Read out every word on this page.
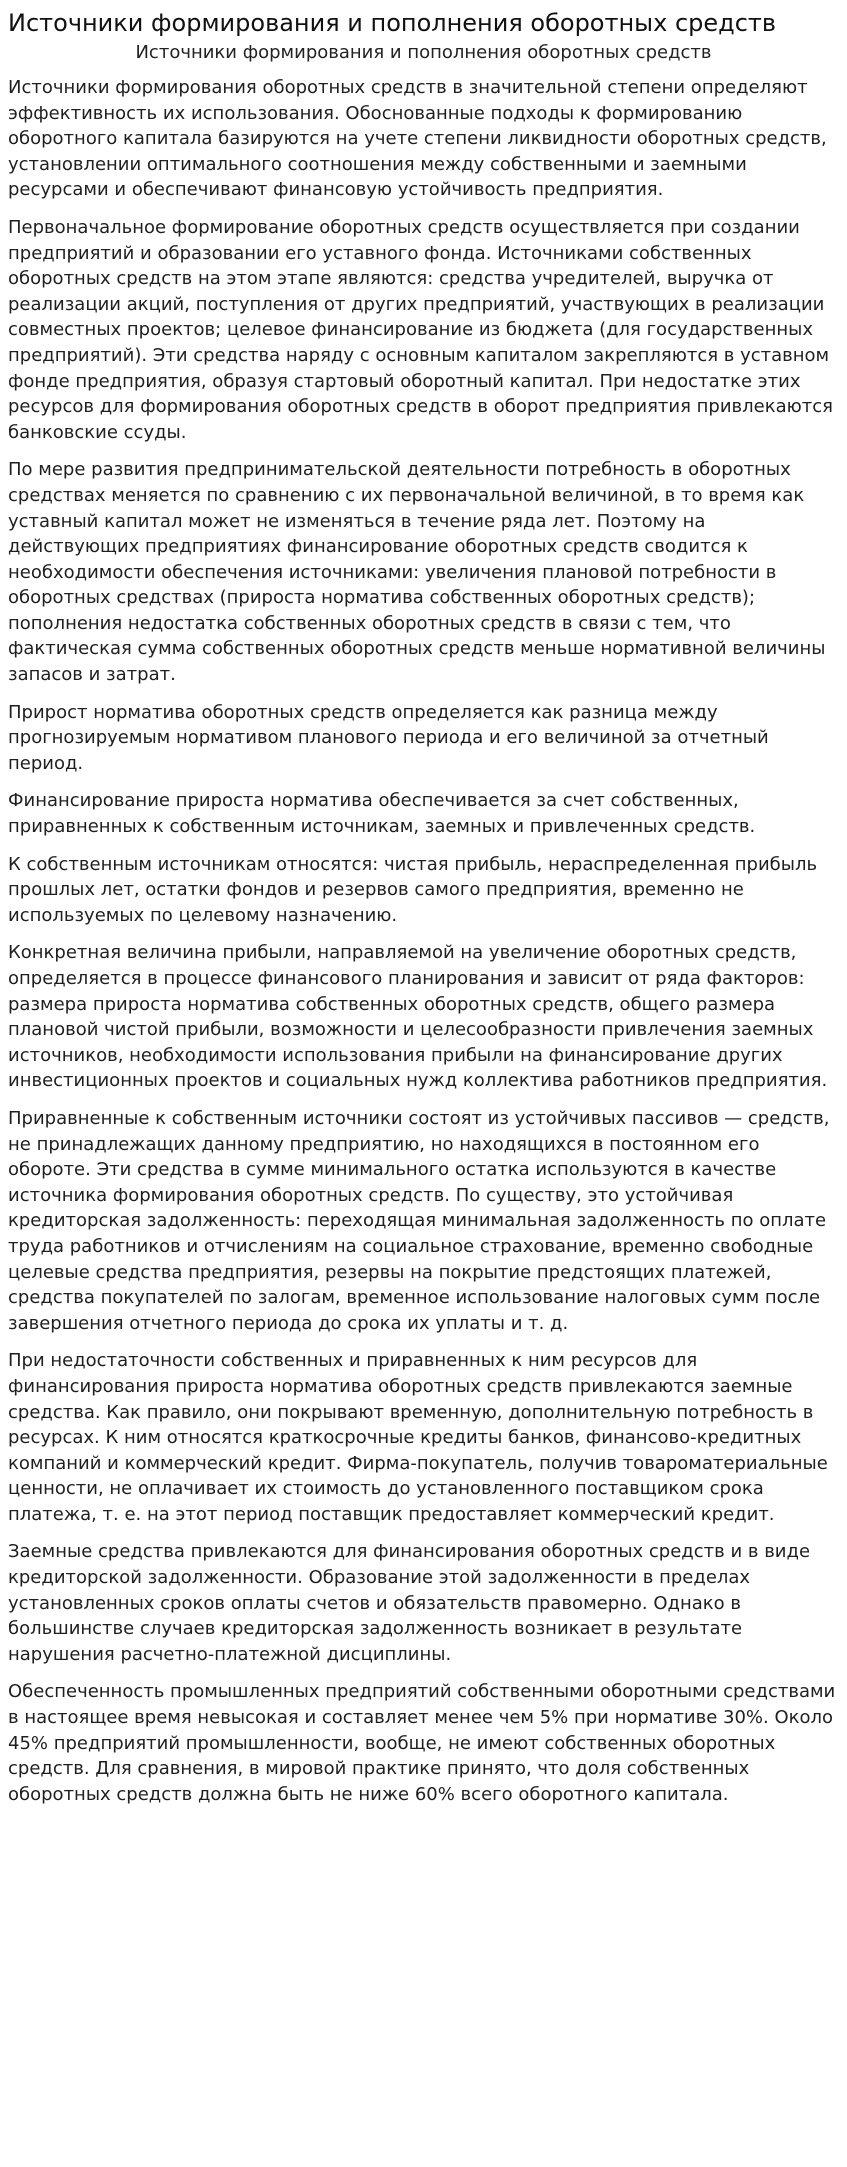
Источники формирования и пополнения оборотных средств
Источники формирования и пополнения оборотных средств

Источники формирования оборотных средств в значительной степени определяют эффективность их использования. Обоснованные подходы к формированию оборотного капитала базируются на учете степени ликвидности оборотных средств, установлении оптимального соотношения между собственными и заемными ресурсами и обеспечивают финансовую устойчивость предприятия.

Первоначальное формирование оборотных средств осуществляется при создании предприятий и образовании его уставного фонда. Источниками собственных оборотных средств на этом этапе являются: средства учредителей, выручка от реализации акций, поступления от других предприятий, участвующих в реализации совместных проектов; целевое финансирование из бюджета (для государственных предприятий). Эти средства наряду с основным капиталом закрепляются в уставном фонде предприятия, образуя стартовый оборотный капитал. При недостатке этих ресурсов для формирования оборотных средств в оборот предприятия привлекаются банковские ссуды.

По мере развития предпринимательской деятельности потребность в оборотных средствах меняется по сравнению с их первоначальной величиной, в то время как уставный капитал может не изменяться в течение ряда лет. Поэтому на действующих предприятиях финансирование оборотных средств сводится к необходимости обеспечения источниками: увеличения плановой потребности в оборотных средствах (прироста норматива собственных оборотных средств); пополнения недостатка собственных оборотных средств в связи с тем, что фактическая сумма собственных оборотных средств меньше нормативной величины запасов и затрат.

Прирост норматива оборотных средств определяется как разница между прогнозируемым нормативом планового периода и его величиной за отчетный период.

Финансирование прироста норматива обеспечивается за счет собственных, приравненных к собственным источникам, заемных и привлеченных средств.

К собственным источникам относятся: чистая прибыль, нераспределенная прибыль прошлых лет, остатки фондов и резервов самого предприятия, временно не используемых по целевому назначению.

Конкретная величина прибыли, направляемой на увеличение оборотных средств, определяется в процессе финансового планирования и зависит от ряда факторов: размера прироста норматива собственных оборотных средств, общего размера плановой чистой прибыли, возможности и целесообразности привлечения заемных источников, необходимости использования прибыли на финансирование других инвестиционных проектов и социальных нужд коллектива работников предприятия.

Приравненные к собственным источники состоят из устойчивых пассивов — средств, не принадлежащих данному предприятию, но находящихся в постоянном его обороте. Эти средства в сумме минимального остатка используются в качестве источника формирования оборотных средств. По существу, это устойчивая кредиторская задолженность: переходящая минимальная задолженность по оплате труда работников и отчислениям на социальное страхование, временно свободные целевые средства предприятия, резервы на покрытие предстоящих платежей, средства покупателей по залогам, временное использование налоговых сумм после завершения отчетного периода до срока их уплаты и т. д.

При недостаточности собственных и приравненных к ним ресурсов для финансирования прироста норматива оборотных средств привлекаются заемные средства. Как правило, они покрывают временную, дополнительную потребность в ресурсах. К ним относятся краткосрочные кредиты банков, финансово-кредитных компаний и коммерческий кредит. Фирма-покупатель, получив товароматериальные ценности, не оплачивает их стоимость до установленного поставщиком срока платежа, т. е. на этот период поставщик предоставляет коммерческий кредит.

Заемные средства привлекаются для финансирования оборотных средств и в виде кредиторской задолженности. Образование этой задолженности в пределах установленных сроков оплаты счетов и обязательств правомерно. Однако в большинстве случаев кредиторская задолженность возникает в результате нарушения расчетно-платежной дисциплины.

Обеспеченность промышленных предприятий собственными оборотными средствами в настоящее время невысокая и составляет менее чем 5% при нормативе 30%. Около 45% предприятий промышленности, вообще, не имеют собственных оборотных средств. Для сравнения, в мировой практике принято, что доля собственных оборотных средств должна быть не ниже 60% всего оборотного капитала.
